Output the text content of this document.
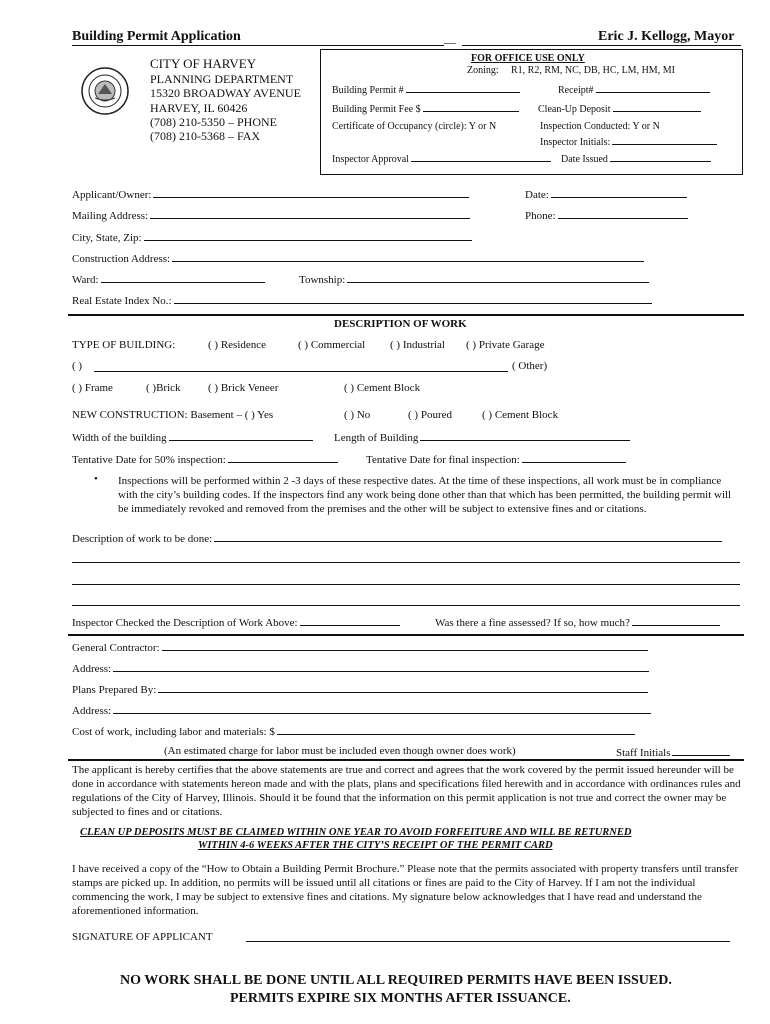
Building Permit Application	__	Eric J. Kellogg, Mayor
CITY OF HARVEY
PLANNING DEPARTMENT
15320 BROADWAY AVENUE
HARVEY, IL 60426
(708) 210-5350 – PHONE
(708) 210-5368 – FAX
FOR OFFICE USE ONLY
Zoning: R1, R2, RM, NC, DB, HC, LM, HM, MI
Building Permit #	Receipt#
Building Permit Fee $	Clean-Up Deposit
Certificate of Occupancy (circle): Y or N	Inspection Conducted: Y or N
Inspector Initials:
Inspector Approval	Date Issued
Applicant/Owner:	Date:
Mailing Address:	Phone:
City, State, Zip:
Construction Address:
Ward:	Township:
Real Estate Index No.:
DESCRIPTION OF WORK
TYPE OF BUILDING:	( ) Residence	( ) Commercial ( ) Industrial ( ) Private Garage
( )	( Other)
( ) Frame	( )Brick ( ) Brick Veneer	( ) Cement Block
NEW CONSTRUCTION: Basement – ( ) Yes	( ) No	( ) Poured	( ) Cement Block
Width of the building	Length of Building
Tentative Date for 50% inspection:	Tentative Date for final inspection:
• Inspections will be performed within 2 -3 days of these respective dates. At the time of these inspections, all work must be in compliance with the city’s building codes. If the inspectors find any work being done other than that which has been permitted, the building permit will be immediately revoked and removed from the premises and the other will be subject to extensive fines and or citations.
Description of work to be done:
Inspector Checked the Description of Work Above:	Was there a fine assessed? If so, how much?
General Contractor:
Address:
Plans Prepared By:
Address:
Cost of work, including labor and materials: $
(An estimated charge for labor must be included even though owner does work)	Staff Initials
The applicant is hereby certifies that the above statements are true and correct and agrees that the work covered by the permit issued hereunder will be done in accordance with statements hereon made and with the plats, plans and specifications filed herewith and in accordance with ordinances rules and regulations of the City of Harvey, Illinois. Should it be found that the information on this permit application is not true and correct the owner may be subjected to fines and or citations.
CLEAN UP DEPOSITS MUST BE CLAIMED WITHIN ONE YEAR TO AVOID FORFEITURE AND WILL BE RETURNED
WITHIN 4-6 WEEKS AFTER THE CITY’S RECEIPT OF THE PERMIT CARD
I have received a copy of the “How to Obtain a Building Permit Brochure.” Please note that the permits associated with property transfers until transfer stamps are picked up. In addition, no permits will be issued until all citations or fines are paid to the City of Harvey. If I am not the individual commencing the work, I may be subject to extensive fines and citations. My signature below acknowledges that I have read and understand the aforementioned information.
SIGNATURE OF APPLICANT
NO WORK SHALL BE DONE UNTIL ALL REQUIRED PERMITS HAVE BEEN ISSUED.
PERMITS EXPIRE SIX MONTHS AFTER ISSUANCE.
